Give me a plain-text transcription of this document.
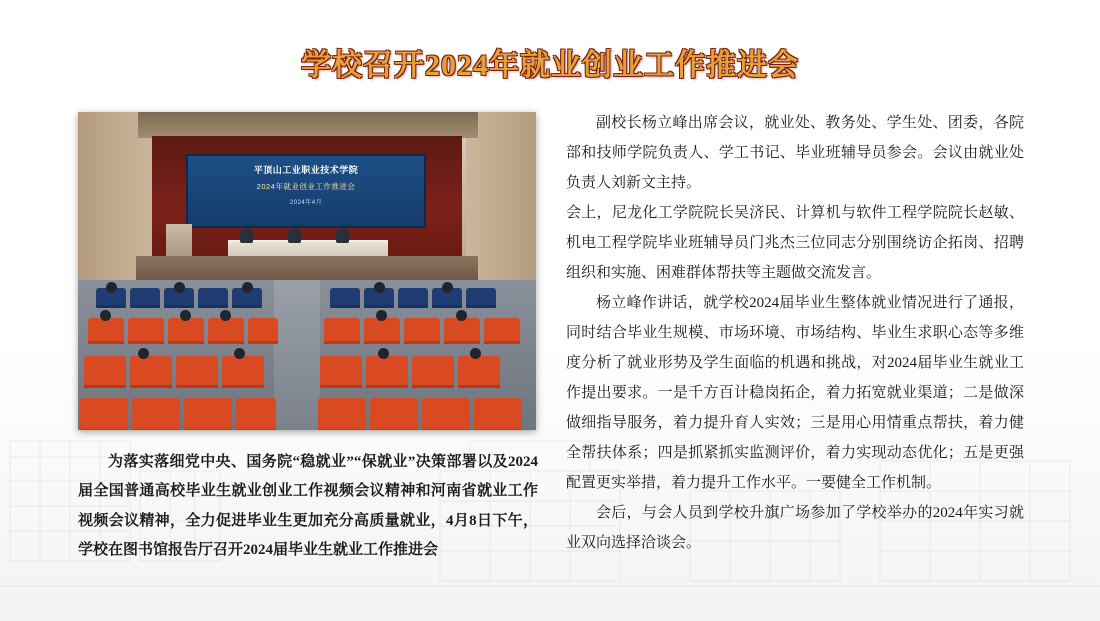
学校召开2024年就业创业工作推进会
平顶山工业职业技术学院
2024年就业创业工作推进会
2024年4月

为落实落细党中央、国务院“稳就业”“保就业”决策部署以及2024届全国普通高校毕业生就业创业工作视频会议精神和河南省就业工作视频会议精神，全力促进毕业生更加充分高质量就业，4月8日下午，学校在图书馆报告厅召开2024届毕业生就业工作推进会

副校长杨立峰出席会议，就业处、教务处、学生处、团委，各院部和技师学院负责人、学工书记、毕业班辅导员参会。会议由就业处负责人刘新文主持。

会上，尼龙化工学院院长吴济民、计算机与软件工程学院院长赵敏、机电工程学院毕业班辅导员门兆杰三位同志分别围绕访企拓岗、招聘组织和实施、困难群体帮扶等主题做交流发言。

杨立峰作讲话，就学校2024届毕业生整体就业情况进行了通报，同时结合毕业生规模、市场环境、市场结构、毕业生求职心态等多维度分析了就业形势及学生面临的机遇和挑战，对2024届毕业生就业工作提出要求。一是千方百计稳岗拓企，着力拓宽就业渠道；二是做深做细指导服务，着力提升育人实效；三是用心用情重点帮扶，着力健全帮扶体系；四是抓紧抓实监测评价，着力实现动态优化；五是更强配置更实举措，着力提升工作水平。一要健全工作机制。

会后，与会人员到学校升旗广场参加了学校举办的2024年实习就业双向选择洽谈会。
